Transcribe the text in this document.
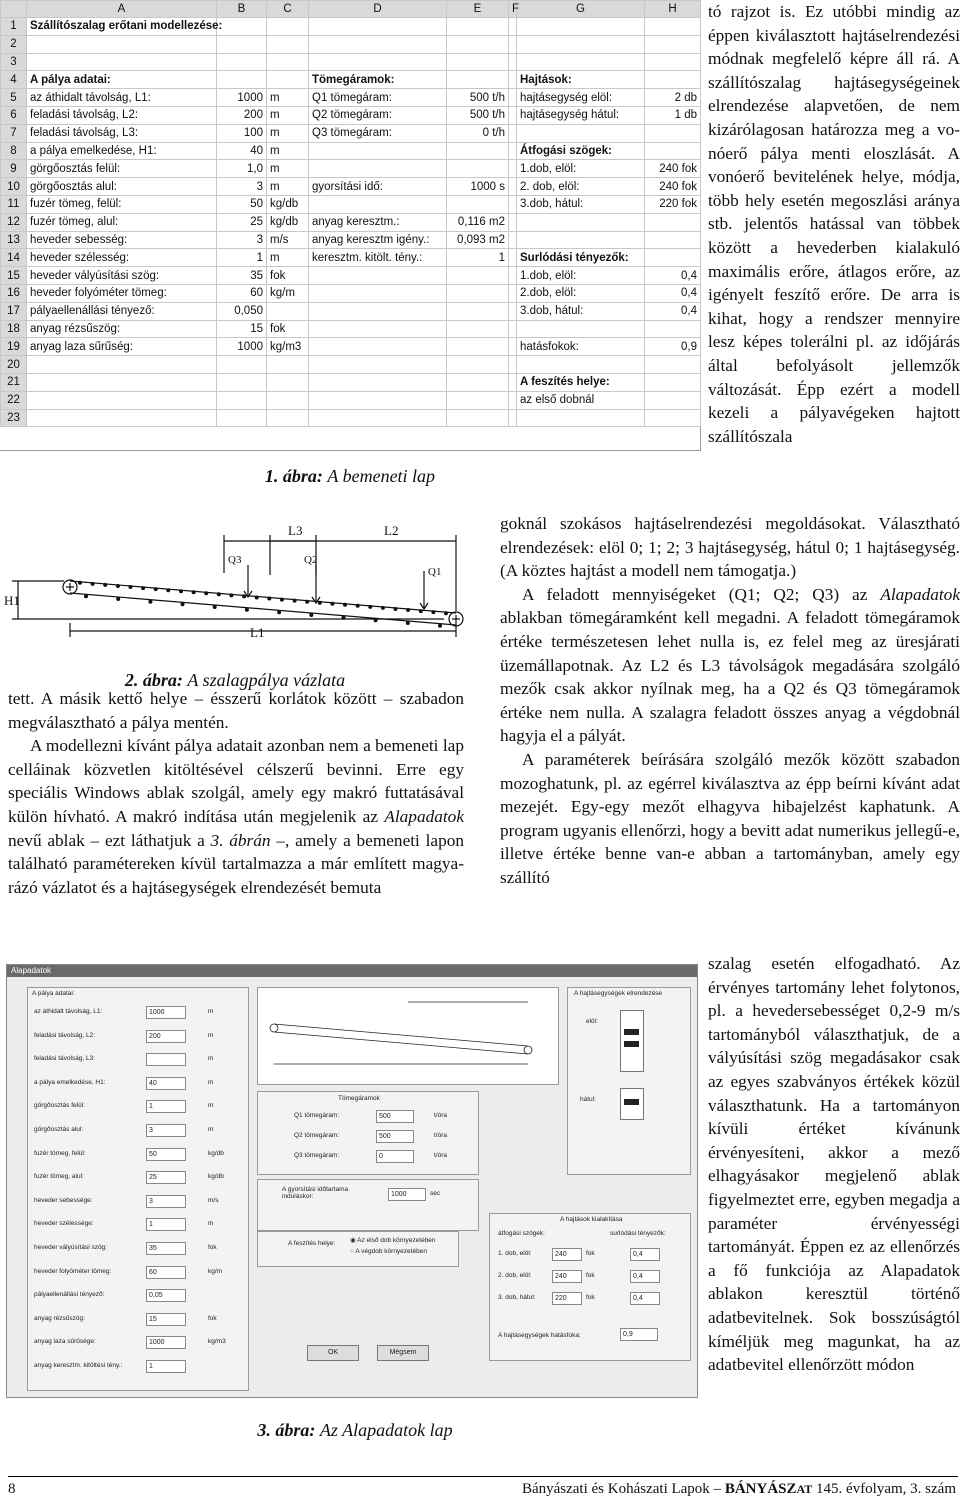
	A	B	C	D	E	F	G	H	
1	Szállítószalag erőtani modellezése:								
2									
3									
4	A pálya adatai:			Tömegáramok:			Hajtások:		
5	az áthidalt távolság, L1:	1000	m	Q1 tömegáram:	500 t/h		hajtásegység elöl:	2 db	
6	feladási távolság, L2:	200	m	Q2 tömegáram:	500 t/h		hajtásegység hátul:	1 db	
7	feladási távolság, L3:	100	m	Q3 tömegáram:	0 t/h				
8	a pálya emelkedése, H1:	40	m				Átfogási szögek:		
9	görgőosztás felül:	1,0	m				1.dob, elöl:	240 fok	
10	görgőosztás alul:	3	m	gyorsítási idő:	1000 s		2. dob, elöl:	240 fok	
11	fuzér tömeg, felül:	50	kg/db				3.dob, hátul:	220 fok	
12	fuzér tömeg, alul:	25	kg/db	anyag keresztm.:	0,116 m2				
13	heveder sebesség:	3	m/s	anyag keresztm igény.:	0,093 m2				
14	heveder szélesség:	1	m	keresztm. kitölt. tény.:	1		Surlódási tényezők:		
15	heveder vályúsítási szög:	35	fok				1.dob, elöl:	0,4	
16	heveder folyóméter tömeg:	60	kg/m				2.dob, elöl:	0,4	
17	pályaellenállási tényező:	0,050					3.dob, hátul:	0,4	
18	anyag rézsűszög:	15	fok						
19	anyag laza sűrűség:	1000	kg/m3				hatásfokok:	0,9	
20									
21							A feszítés helye:		
22							az első dobnál		
23									
1. ábra: A bemeneti lap
H1
L1
L3	L2
Q3	Q2
Q1
2. ábra: A szalagpálya vázlata

tó rajzot is. Ez utóbbi mindig az éppen kiválasztott hajtáselrendezési módnak megfelelő képre áll rá. A szállítószalag hajtásegységeinek elrendezése alapvetően, de nem kizárólagosan határozza meg a vonóerő pálya menti eloszlását. A vonóerő bevitelének helye, módja, több hely esetén megoszlási aránya stb. jelentős hatással van többek között a hevederben kialakuló maximális erőre, átlagos erőre, az igényelt feszítő erőre. De arra is kihat, hogy a rendszer mennyire lesz képes tolerálni pl. az időjárás által befolyásolt jellemzők változását. Épp ezért a modell kezeli a pályavégeken hajtott szállítószala

goknál szokásos hajtáselrendezési megoldásokat. Választható elrendezések: elöl 0; 1; 2; 3 hajtásegység, hátul 0; 1 hajtásegység. (A köztes hajtást a modell nem támogatja.)

A feladott mennyiségeket (Q1; Q2; Q3) az Alapadatok ablakban tömegáramként kell megadni. A feladott tömegáramok értéke természetesen lehet nulla is, ez felel meg az üresjárati üzemállapotnak. Az L2 és L3 távolságok megadására szolgáló mezők csak akkor nyílnak meg, ha a Q2 és Q3 tömegáramok értéke nem nulla. A szalagra feladott összes anyag a végdobnál hagyja el a pályát.

A paraméterek beírására szolgáló mezők között szabadon mozoghatunk, pl. az egérrel kiválasztva az épp beírni kívánt adat mezejét. Egy-egy mezőt elhagyva hibajelzést kaphatunk. A program ugyanis ellenőrzi, hogy a bevitt adat numerikus jellegű-e, illetve értéke benne van-e abban a tartományban, amely egy szállító

szalag esetén elfogadható. Az érvényes tartomány lehet folytonos, pl. a hevedersebességet 0,2-9 m/s tartományból választhatjuk, de a vályúsítási szög megadásakor csak az egyes szabványos értékek közül választhatunk. Ha a tartományon kívüli értéket kívánunk érvényesíteni, akkor a mező elhagyásakor megjelenő ablak figyelmeztet erre, egyben megadja a paraméter érvényességi tartományát. Éppen ez az ellenőrzés a fő funkciója az Alapadatok ablakon keresztül történő adatbevitelnek. Sok bosszúságtól kíméljük meg magunkat, ha az adatbevitel ellenőrzött módon

tett. A másik kettő helye – ésszerű korlátok között – szabadon megválasztható a pálya mentén.

A modellezni kívánt pálya adatait azonban nem a bemeneti lap celláinak közvetlen kitöltésével célszerű bevinni. Erre egy speciális Windows ablak szolgál, amely egy makró futtatásával külön hívható. A makró indítása után megjelenik az Alapadatok nevű ablak – ezt láthatjuk a 3. ábrán –, amely a bemeneti lapon található paramétereken kívül tartalmazza a már említett magyarázó vázlatot és a hajtásegységek elrendezését bemuta

Alapadatok
A pálya adatai:
az áthidalt távolság, L1:	1000	m
feladási távolság, L2:	200	m
feladási távolság, L3:	m
a pálya emelkedése, H1:	40	m
görgőosztás felül:	1	m
görgőosztás alul:	3	m
fuzér tömeg, felül:	50	kg/db
fuzér tömeg, alul:	25	kg/db
heveder sebessége:	3	m/s
heveder szélessége:	1	m
heveder vályúsítási szög:	35	fok
heveder folyóméter tömeg:	60	kg/m
pályaellenállási tényező:	0,05
anyag rézsűszög:	15	fok
anyag laza sűrűsége:	1000	kg/m3
anyag keresztm. kitöltési tény.:	1
Tömegáramok
Q1 tömegáram:	500	t/óra
Q2 tömegáram:	500	t/óra
Q3 tömegáram:	0	t/óra
A gyorsítási időtartama induláskor:	1000	sec
A feszítés helye: ◉ Az első dob környezetében
○ A végdob környezetében
OK	Mégsem
A hajtások kialakítása
átfogási szögek:	surlódási tényezők:
1. dob, elöl:	240	fok	0,4
2. dob, elöl:	240	fok	0,4
3. dob, hátul:	220	fok	0,4
A hajtásegységek hatásfoka:	0,9
A hajtásegységek elrendezése
elöl:
hátul:
3. ábra: Az Alapadatok lap
8	Bányászati és Kohászati Lapok – BÁNYÁSZAT 145. évfolyam, 3. szám
